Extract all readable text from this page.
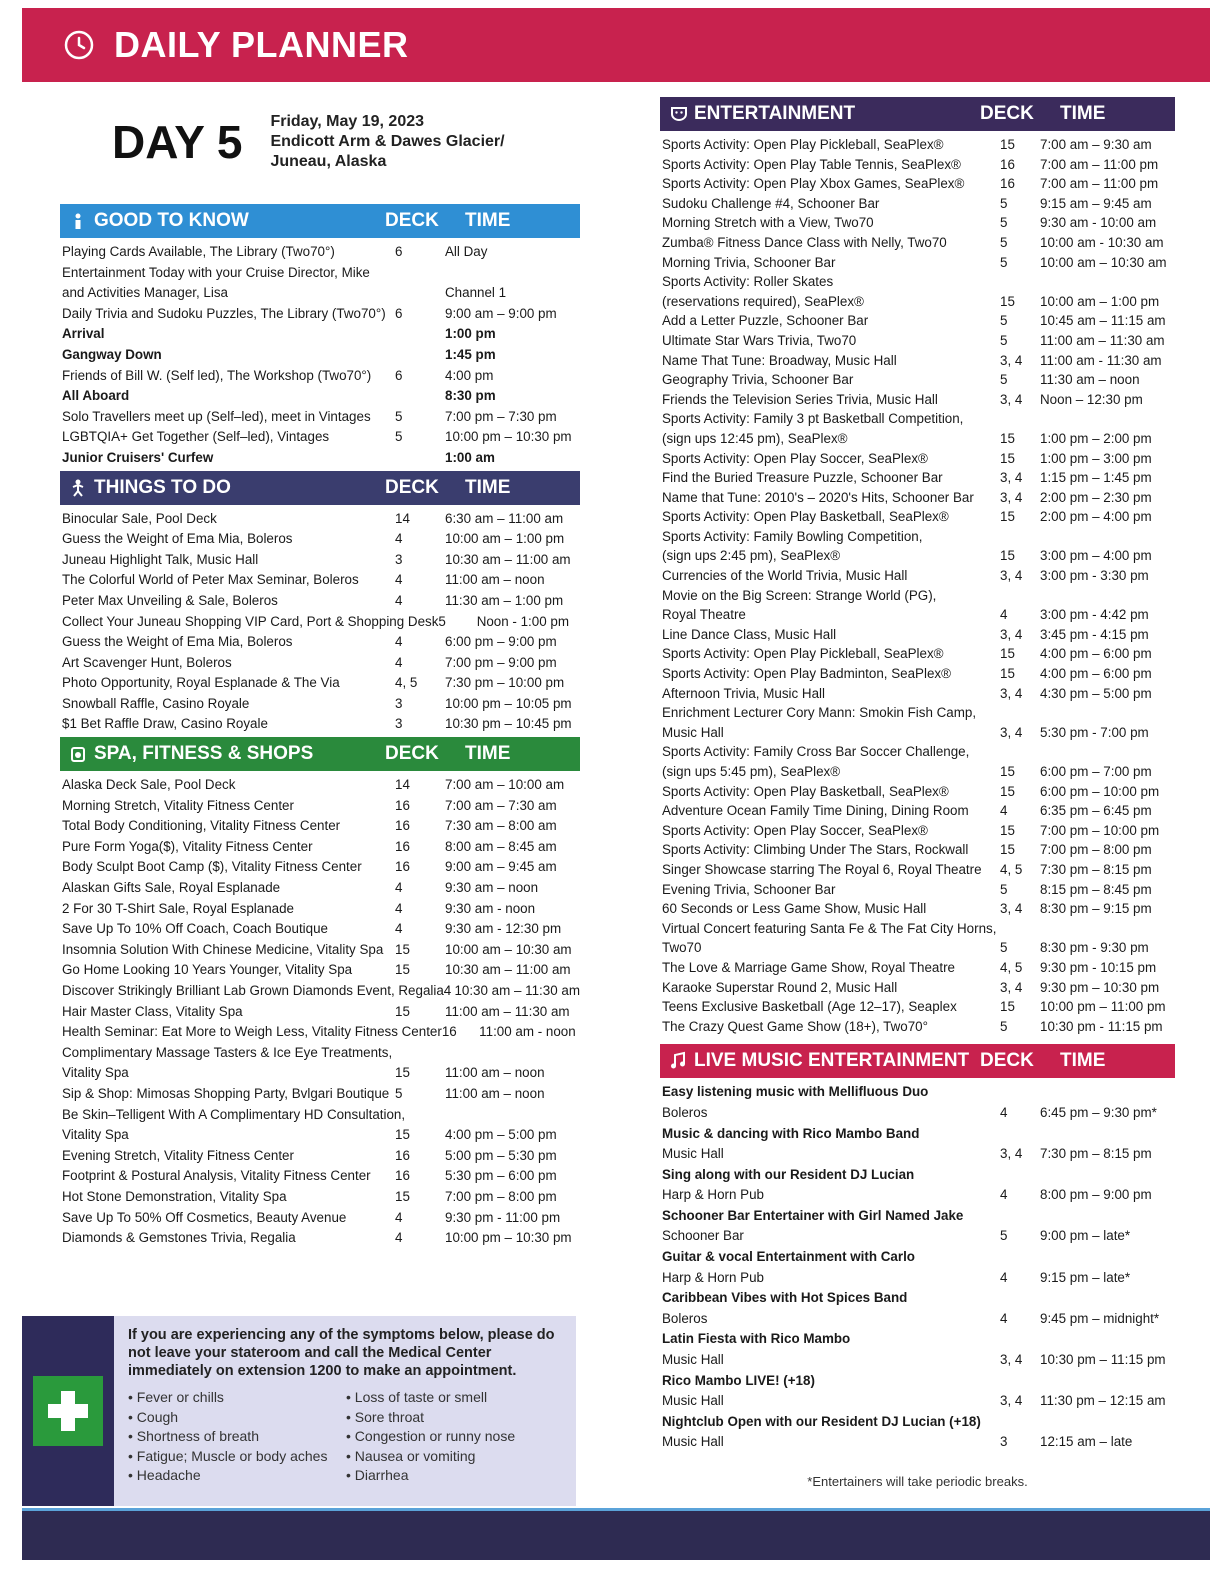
DAILY PLANNER
DAY 5 Friday, May 19, 2023
Endicott Arm & Dawes Glacier/
Juneau, Alaska
GOOD TO KNOW	DECK	TIME
Playing Cards Available, The Library (Two70°)	6	All Day
Entertainment Today with your Cruise Director, Mike
and Activities Manager, Lisa	Channel 1
Daily Trivia and Sudoku Puzzles, The Library (Two70°) 6	9:00 am – 9:00 pm
Arrival	1:00 pm
Gangway Down	1:45 pm
Friends of Bill W. (Self led), The Workshop (Two70°)	6	4:00 pm
All Aboard	8:30 pm
Solo Travellers meet up (Self–led), meet in Vintages	5	7:00 pm – 7:30 pm
LGBTQIA+ Get Together (Self–led), Vintages	5	10:00 pm – 10:30 pm
Junior Cruisers' Curfew	1:00 am
THINGS TO DO	DECK	TIME
Binocular Sale, Pool Deck	14	6:30 am – 11:00 am
Guess the Weight of Ema Mia, Boleros	4	10:00 am – 1:00 pm
Juneau Highlight Talk, Music Hall	3	10:30 am – 11:00 am
The Colorful World of Peter Max Seminar, Boleros	4	11:00 am – noon
Peter Max Unveiling & Sale, Boleros	4	11:30 am – 1:00 pm
Collect Your Juneau Shopping VIP Card, Port & Shopping Desk 5	Noon - 1:00 pm
Guess the Weight of Ema Mia, Boleros	4	6:00 pm – 9:00 pm
Art Scavenger Hunt, Boleros	4	7:00 pm – 9:00 pm
Photo Opportunity, Royal Esplanade & The Via	4, 5	7:30 pm – 10:00 pm
Snowball Raffle, Casino Royale	3	10:00 pm – 10:05 pm
$1 Bet Raffle Draw, Casino Royale	3	10:30 pm – 10:45 pm
SPA, FITNESS & SHOPS	DECK	TIME
Alaska Deck Sale, Pool Deck	14	7:00 am – 10:00 am
Morning Stretch, Vitality Fitness Center	16	7:00 am – 7:30 am
Total Body Conditioning, Vitality Fitness Center	16	7:30 am – 8:00 am
Pure Form Yoga($), Vitality Fitness Center	16	8:00 am – 8:45 am
Body Sculpt Boot Camp ($), Vitality Fitness Center	16	9:00 am – 9:45 am
Alaskan Gifts Sale, Royal Esplanade	4	9:30 am – noon
2 For 30 T-Shirt Sale, Royal Esplanade	4	9:30 am - noon
Save Up To 10% Off Coach, Coach Boutique	4	9:30 am - 12:30 pm
Insomnia Solution With Chinese Medicine, Vitality Spa 15	10:00 am – 10:30 am
Go Home Looking 10 Years Younger, Vitality Spa	15	10:30 am – 11:00 am
Discover Strikingly Brilliant Lab Grown Diamonds Event, Regalia 4 10:30 am – 11:30 am
Hair Master Class, Vitality Spa	15	11:00 am – 11:30 am
Health Seminar: Eat More to Weigh Less, Vitality Fitness Center 16	11:00 am - noon
Complimentary Massage Tasters & Ice Eye Treatments,
Vitality Spa	15	11:00 am – noon
Sip & Shop: Mimosas Shopping Party, Bvlgari Boutique 5	11:00 am – noon
Be Skin–Telligent With A Complimentary HD Consultation,
Vitality Spa	15	4:00 pm – 5:00 pm
Evening Stretch, Vitality Fitness Center	16	5:00 pm – 5:30 pm
Footprint & Postural Analysis, Vitality Fitness Center	16	5:30 pm – 6:00 pm
Hot Stone Demonstration, Vitality Spa	15	7:00 pm – 8:00 pm
Save Up To 50% Off Cosmetics, Beauty Avenue	4	9:30 pm - 11:00 pm
Diamonds & Gemstones Trivia, Regalia	4	10:00 pm – 10:30 pm
ENTERTAINMENT	DECK	TIME
Sports Activity: Open Play Pickleball, SeaPlex®	15	7:00 am – 9:30 am
Sports Activity: Open Play Table Tennis, SeaPlex®	16	7:00 am – 11:00 pm
Sports Activity: Open Play Xbox Games, SeaPlex®	16	7:00 am – 11:00 pm
Sudoku Challenge #4, Schooner Bar	5	9:15 am – 9:45 am
Morning Stretch with a View, Two70	5	9:30 am - 10:00 am
Zumba® Fitness Dance Class with Nelly, Two70	5	10:00 am - 10:30 am
Morning Trivia, Schooner Bar	5	10:00 am – 10:30 am
Sports Activity: Roller Skates
(reservations required), SeaPlex®	15	10:00 am – 1:00 pm
Add a Letter Puzzle, Schooner Bar	5	10:45 am – 11:15 am
Ultimate Star Wars Trivia, Two70	5	11:00 am – 11:30 am
Name That Tune: Broadway, Music Hall	3, 4	11:00 am - 11:30 am
Geography Trivia, Schooner Bar	5	11:30 am – noon
Friends the Television Series Trivia, Music Hall	3, 4	Noon – 12:30 pm
Sports Activity: Family 3 pt Basketball Competition,
(sign ups 12:45 pm), SeaPlex®	15	1:00 pm – 2:00 pm
Sports Activity: Open Play Soccer, SeaPlex®	15	1:00 pm – 3:00 pm
Find the Buried Treasure Puzzle, Schooner Bar	3, 4	1:15 pm – 1:45 pm
Name that Tune: 2010's – 2020's Hits, Schooner Bar	3, 4	2:00 pm – 2:30 pm
Sports Activity: Open Play Basketball, SeaPlex®	15	2:00 pm – 4:00 pm
Sports Activity: Family Bowling Competition,
(sign ups 2:45 pm), SeaPlex®	15	3:00 pm – 4:00 pm
Currencies of the World Trivia, Music Hall	3, 4	3:00 pm - 3:30 pm
Movie on the Big Screen: Strange World (PG),
Royal Theatre	4	3:00 pm - 4:42 pm
Line Dance Class, Music Hall	3, 4	3:45 pm - 4:15 pm
Sports Activity: Open Play Pickleball, SeaPlex®	15	4:00 pm – 6:00 pm
Sports Activity: Open Play Badminton, SeaPlex®	15	4:00 pm – 6:00 pm
Afternoon Trivia, Music Hall	3, 4	4:30 pm – 5:00 pm
Enrichment Lecturer Cory Mann: Smokin Fish Camp,
Music Hall	3, 4	5:30 pm - 7:00 pm
Sports Activity: Family Cross Bar Soccer Challenge,
(sign ups 5:45 pm), SeaPlex®	15	6:00 pm – 7:00 pm
Sports Activity: Open Play Basketball, SeaPlex®	15	6:00 pm – 10:00 pm
Adventure Ocean Family Time Dining, Dining Room	4	6:35 pm – 6:45 pm
Sports Activity: Open Play Soccer, SeaPlex®	15	7:00 pm – 10:00 pm
Sports Activity: Climbing Under The Stars, Rockwall	15	7:00 pm – 8:00 pm
Singer Showcase starring The Royal 6, Royal Theatre	4, 5	7:30 pm – 8:15 pm
Evening Trivia, Schooner Bar	5	8:15 pm – 8:45 pm
60 Seconds or Less Game Show, Music Hall	3, 4	8:30 pm – 9:15 pm
Virtual Concert featuring Santa Fe & The Fat City Horns,
Two70	5	8:30 pm - 9:30 pm
The Love & Marriage Game Show, Royal Theatre	4, 5	9:30 pm - 10:15 pm
Karaoke Superstar Round 2, Music Hall	3, 4	9:30 pm – 10:30 pm
Teens Exclusive Basketball (Age 12–17), Seaplex	15	10:00 pm – 11:00 pm
The Crazy Quest Game Show (18+), Two70°	5	10:30 pm - 11:15 pm
LIVE MUSIC ENTERTAINMENT DECK	TIME
Easy listening music with Mellifluous Duo
Boleros	4	6:45 pm – 9:30 pm*
Music & dancing with Rico Mambo Band
Music Hall	3, 4	7:30 pm – 8:15 pm
Sing along with our Resident DJ Lucian
Harp & Horn Pub	4	8:00 pm – 9:00 pm
Schooner Bar Entertainer with Girl Named Jake
Schooner Bar	5	9:00 pm – late*
Guitar & vocal Entertainment with Carlo
Harp & Horn Pub	4	9:15 pm – late*
Caribbean Vibes with Hot Spices Band
Boleros	4	9:45 pm – midnight*
Latin Fiesta with Rico Mambo
Music Hall	3, 4	10:30 pm – 11:15 pm
Rico Mambo LIVE! (+18)
Music Hall	3, 4	11:30 pm – 12:15 am
Nightclub Open with our Resident DJ Lucian (+18)
Music Hall	3	12:15 am – late
*Entertainers will take periodic breaks.
If you are experiencing any of the symptoms below, please do not leave your stateroom and call the Medical Center immediately on extension 1200 to make an appointment.
• Fever or chills
• Cough
• Shortness of breath
• Fatigue; Muscle or body aches
• Headache
• Loss of taste or smell
• Sore throat
• Congestion or runny nose
• Nausea or vomiting
• Diarrhea
